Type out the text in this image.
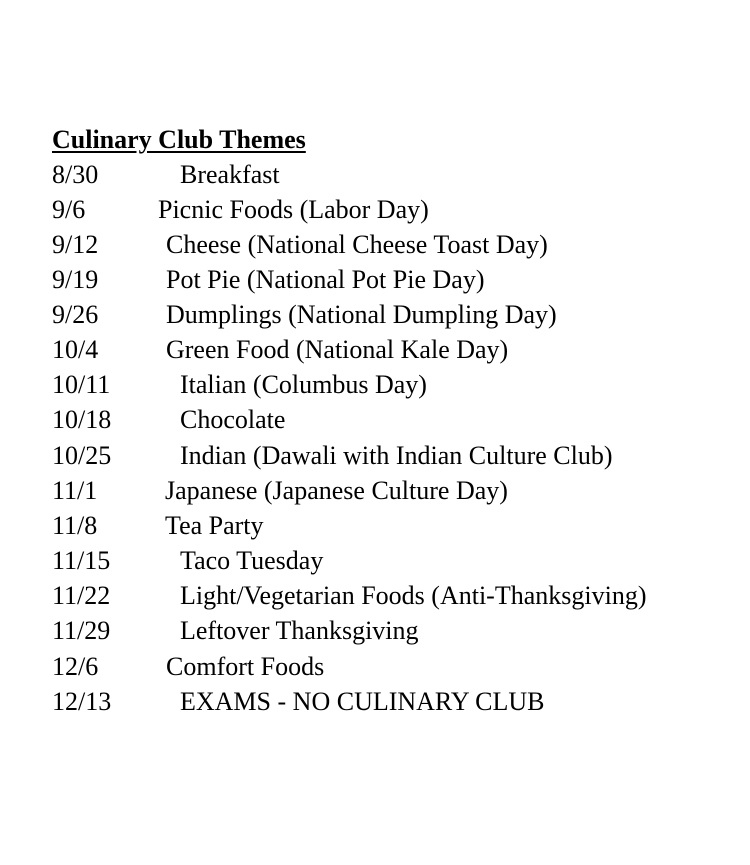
Culinary Club Themes
8/30	Breakfast
9/6	Picnic Foods (Labor Day)
9/12	Cheese (National Cheese Toast Day)
9/19	Pot Pie (National Pot Pie Day)
9/26	Dumplings (National Dumpling Day)
10/4	Green Food (National Kale Day)
10/11	Italian (Columbus Day)
10/18	Chocolate
10/25	Indian (Dawali with Indian Culture Club)
11/1	Japanese (Japanese Culture Day)
11/8	Tea Party
11/15	Taco Tuesday
11/22	Light/Vegetarian Foods (Anti-Thanksgiving)
11/29	Leftover Thanksgiving
12/6	Comfort Foods
12/13	EXAMS - NO CULINARY CLUB
